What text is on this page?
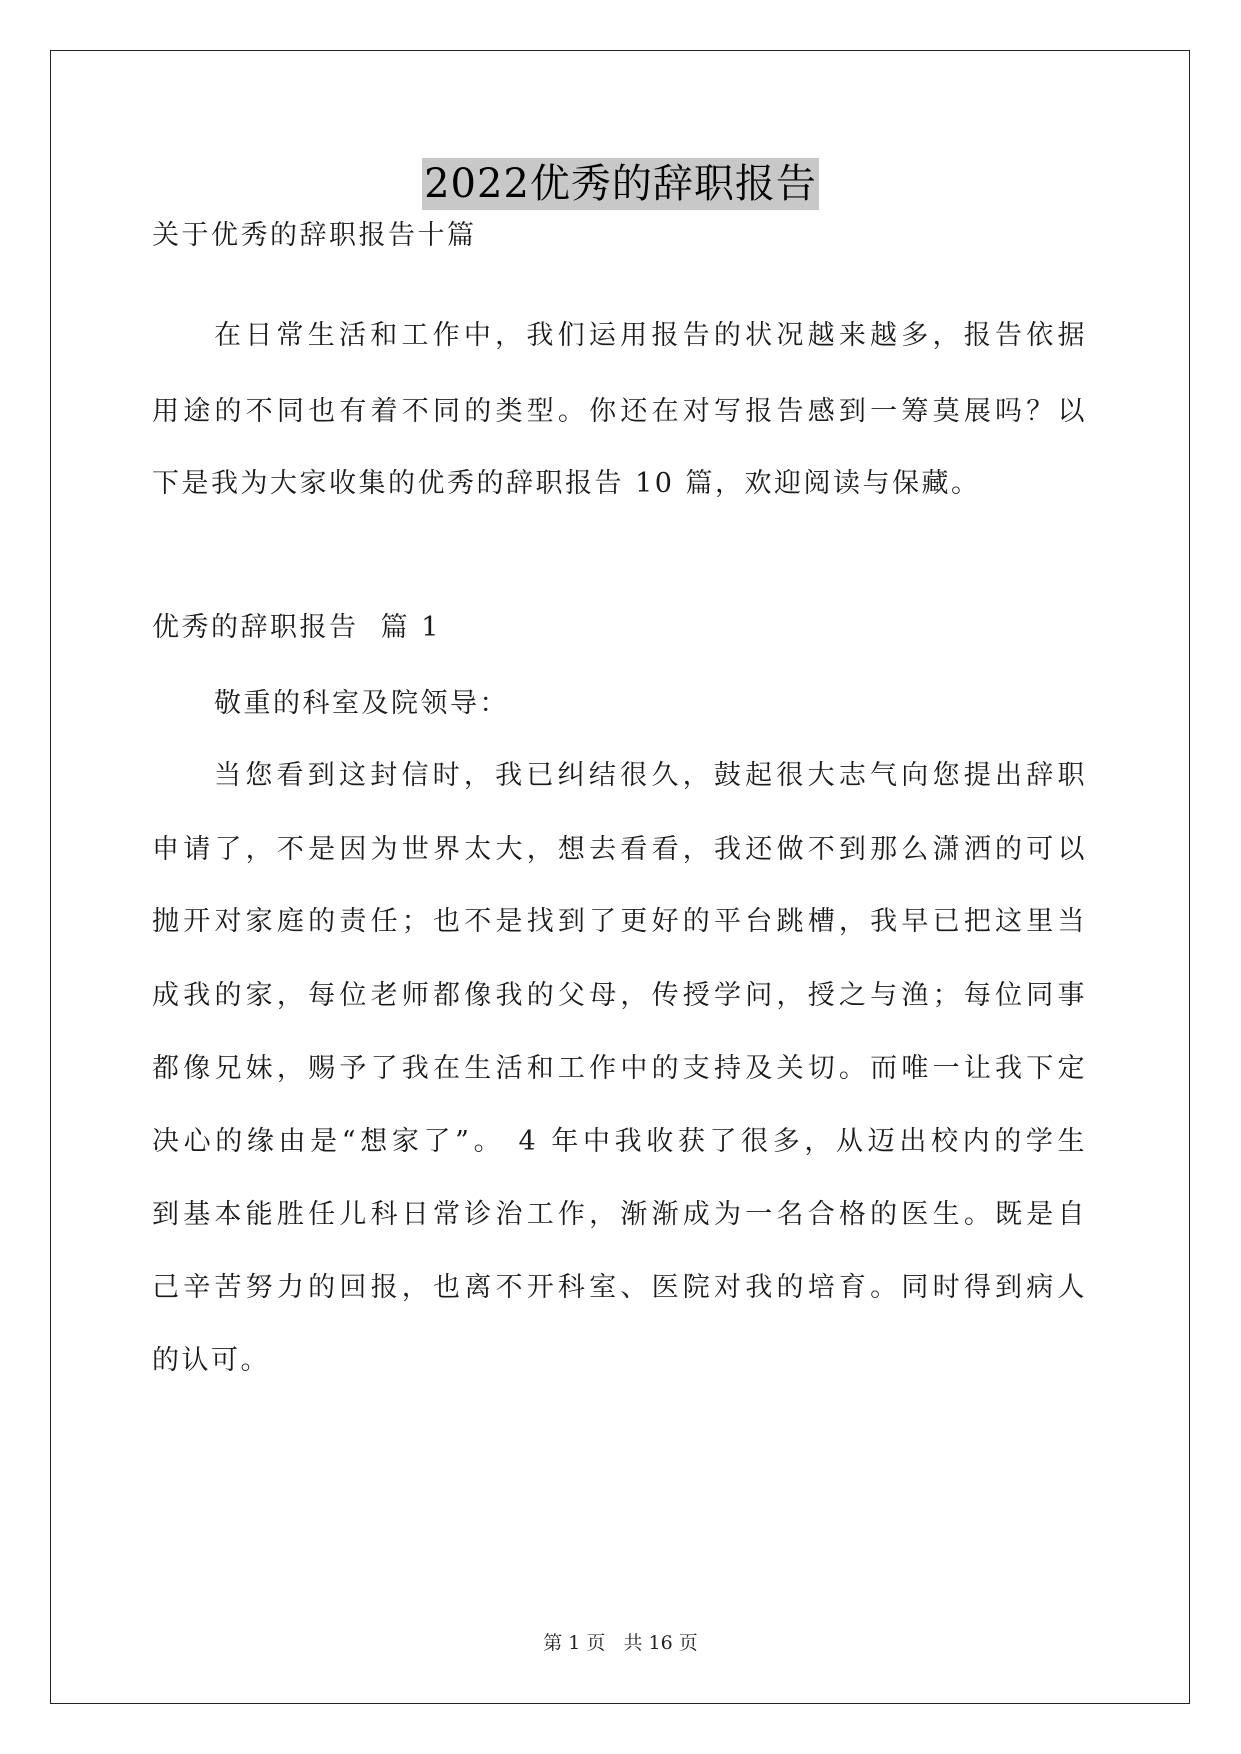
2022优秀的辞职报告
关于优秀的辞职报告十篇
在日常生活和工作中，我们运用报告的状况越来越多，报告依据
用途的不同也有着不同的类型。你还在对写报告感到一筹莫展吗？以
下是我为大家收集的优秀的辞职报告 10 篇，欢迎阅读与保藏。
优秀的辞职报告  篇 1
敬重的科室及院领导：
当您看到这封信时，我已纠结很久，鼓起很大志气向您提出辞职
申请了，不是因为世界太大，想去看看，我还做不到那么潇洒的可以
抛开对家庭的责任；也不是找到了更好的平台跳槽，我早已把这里当
成我的家，每位老师都像我的父母，传授学问，授之与渔；每位同事
都像兄妹，赐予了我在生活和工作中的支持及关切。而唯一让我下定
决心的缘由是“想家了”。 4 年中我收获了很多，从迈出校内的学生
到基本能胜任儿科日常诊治工作，渐渐成为一名合格的医生。既是自
己辛苦努力的回报，也离不开科室、医院对我的培育。同时得到病人
的认可。
第 1 页 共 16 页
